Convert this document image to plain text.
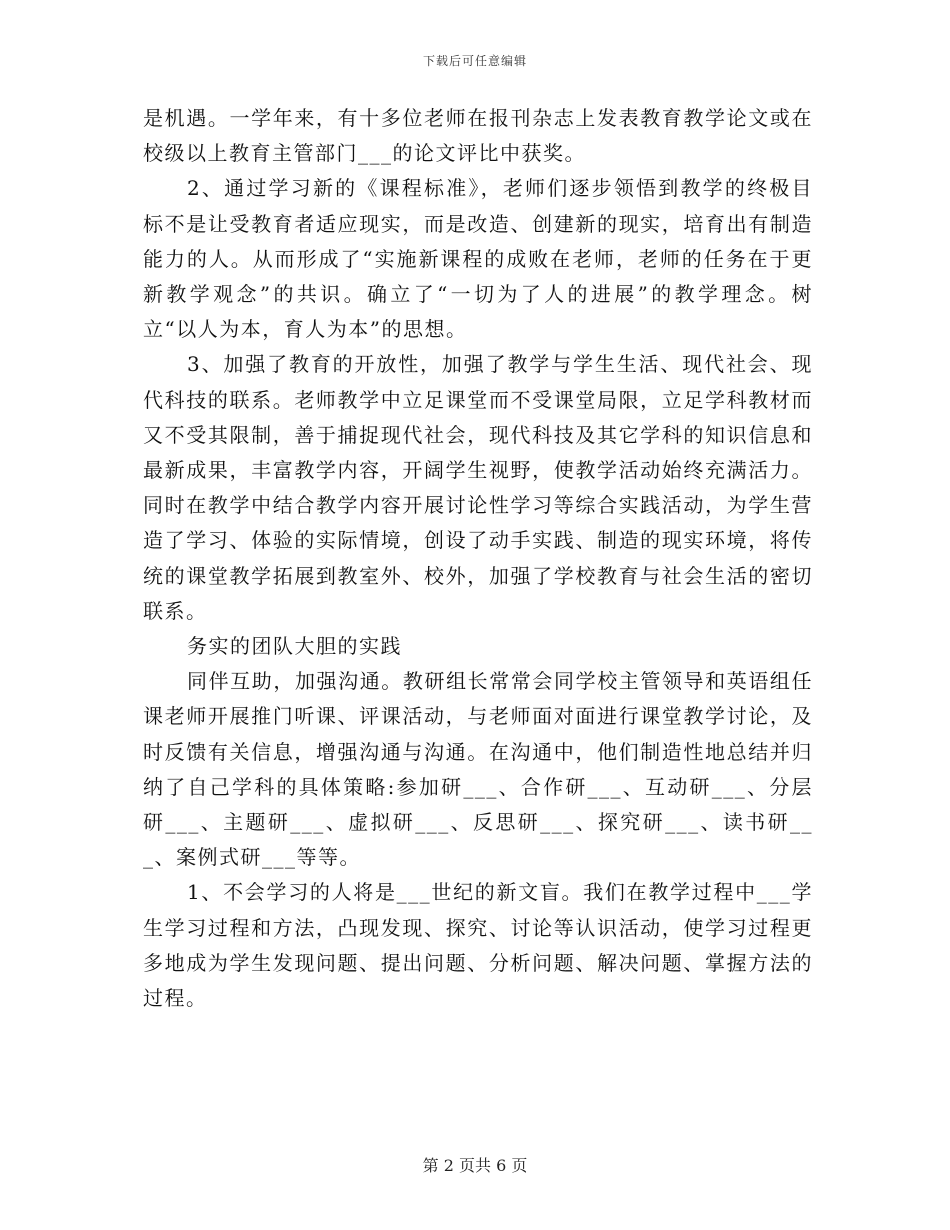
下载后可任意编辑

是机遇。一学年来，有十多位老师在报刊杂志上发表教育教学论文或在校级以上教育主管部门___的论文评比中获奖。

2、通过学习新的《课程标准》，老师们逐步领悟到教学的终极目标不是让受教育者适应现实，而是改造、创建新的现实，培育出有制造能力的人。从而形成了“实施新课程的成败在老师，老师的任务在于更新教学观念”的共识。确立了“一切为了人的进展”的教学理念。树立“以人为本，育人为本”的思想。

3、加强了教育的开放性，加强了教学与学生生活、现代社会、现代科技的联系。老师教学中立足课堂而不受课堂局限，立足学科教材而又不受其限制，善于捕捉现代社会，现代科技及其它学科的知识信息和最新成果，丰富教学内容，开阔学生视野，使教学活动始终充满活力。同时在教学中结合教学内容开展讨论性学习等综合实践活动，为学生营造了学习、体验的实际情境，创设了动手实践、制造的现实环境，将传统的课堂教学拓展到教室外、校外，加强了学校教育与社会生活的密切联系。

务实的团队大胆的实践

同伴互助，加强沟通。教研组长常常会同学校主管领导和英语组任课老师开展推门听课、评课活动，与老师面对面进行课堂教学讨论，及时反馈有关信息，增强沟通与沟通。在沟通中，他们制造性地总结并归纳了自己学科的具体策略:参加研___、合作研___、互动研___、分层研___、主题研___、虚拟研___、反思研___、探究研___、读书研___、案例式研___等等。

1、不会学习的人将是___世纪的新文盲。我们在教学过程中___学生学习过程和方法，凸现发现、探究、讨论等认识活动，使学习过程更多地成为学生发现问题、提出问题、分析问题、解决问题、掌握方法的过程。

第 2 页共 6 页
